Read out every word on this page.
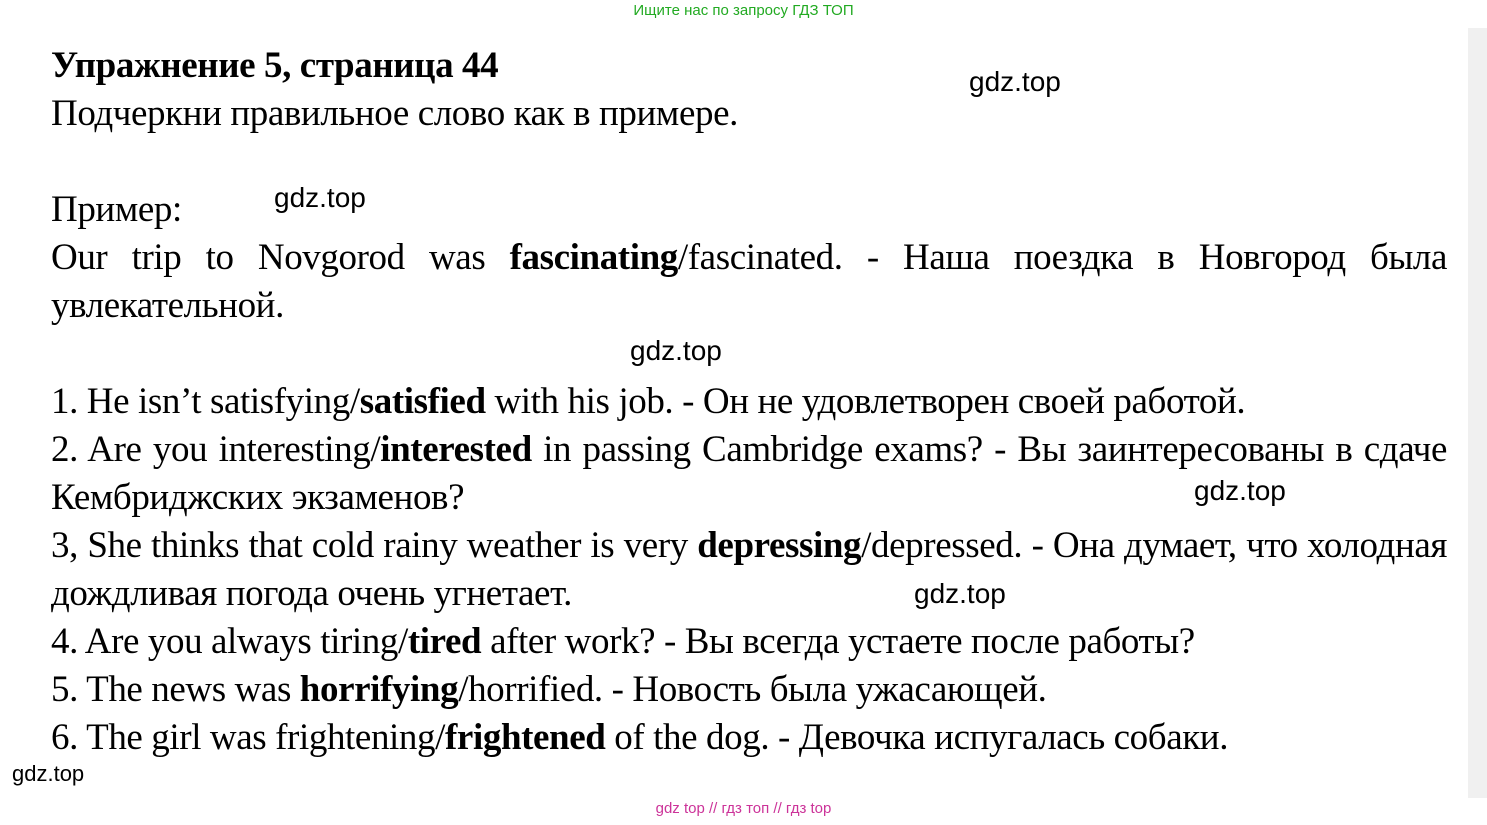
Ищите нас по запросу ГДЗ ТОП
Упражнение 5, страница 44
Подчеркни правильное слово как в примере.
Пример:
Our trip to Novgorod was fascinating/fascinated. - Наша поездка в Новгород была увлекательной.
1. He isn’t satisfying/satisfied with his job. - Он не удовлетворен своей работой.
2. Are you interesting/interested in passing Cambridge exams? - Вы заинтересованы в сдаче Кембриджских экзаменов?
3, She thinks that cold rainy weather is very depressing/depressed. - Она думает, что холодная дождливая погода очень угнетает.
4. Are you always tiring/tired after work? - Вы всегда устаете после работы?
5. The news was horrifying/horrified. - Новость была ужасающей.
6. The girl was frightening/frightened of the dog. - Девочка испугалась собаки.
gdz.top
gdz.top
gdz.top
gdz.top
gdz.top
gdz.top
gdz top // гдз топ // гдз top
